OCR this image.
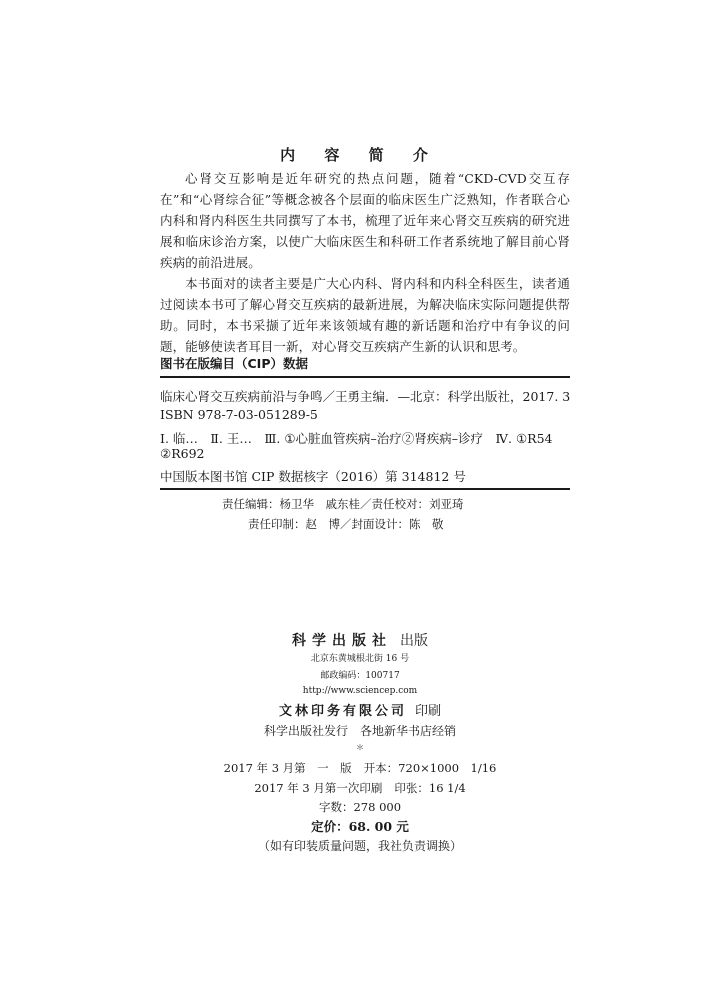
内 容 简 介

心肾交互影响是近年研究的热点问题，随着“CKD-CVD交互存在”和“心肾综合征”等概念被各个层面的临床医生广泛熟知，作者联合心内科和肾内科医生共同撰写了本书，梳理了近年来心肾交互疾病的研究进展和临床诊治方案，以使广大临床医生和科研工作者系统地了解目前心肾疾病的前沿进展。

本书面对的读者主要是广大心内科、肾内科和内科全科医生，读者通过阅读本书可了解心肾交互疾病的最新进展，为解决临床实际问题提供帮助。同时，本书采撷了近年来该领域有趣的新话题和治疗中有争议的问题，能够使读者耳目一新，对心肾交互疾病产生新的认识和思考。

图书在版编目（CIP）数据
临床心肾交互疾病前沿与争鸣／王勇主编．—北京：科学出版社，2017. 3
ISBN 978-7-03-051289-5
Ⅰ. 临…　Ⅱ. 王…　Ⅲ. ①心脏血管疾病–治疗②肾疾病–诊疗　Ⅳ. ①R54
②R692
中国版本图书馆 CIP 数据核字（2016）第 314812 号
责任编辑：杨卫华　戚东桂／责任校对：刘亚琦
责任印制：赵　博／封面设计：陈　敬
科学出版社 出版
北京东黄城根北街 16 号
邮政编码：100717
http://www.sciencep.com
文林印务有限公司 印刷
科学出版社发行 各地新华书店经销
＊
2017 年 3 月第　一　版 开本：720×1000　1/16
2017 年 3 月第一次印刷 印张：16 1/4
字数：278 000
定价：68. 00 元
（如有印装质量问题，我社负责调换）
